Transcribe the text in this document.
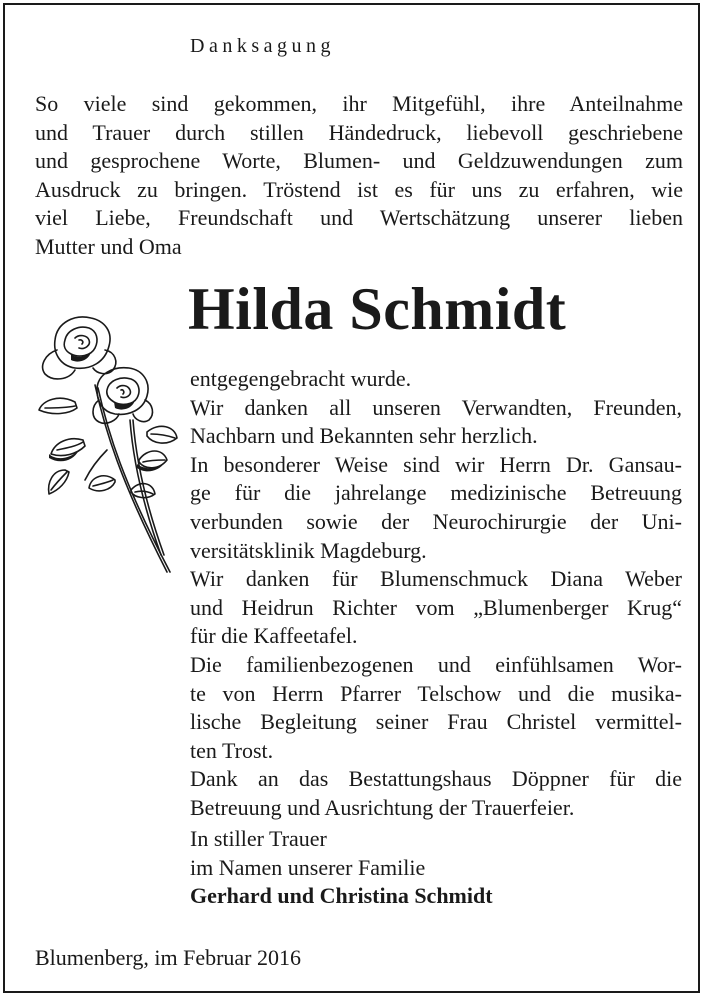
Danksagung

So viele sind gekommen, ihr Mitgefühl, ihre Anteilnahme
und Trauer durch stillen Händedruck, liebevoll geschriebene
und gesprochene Worte, Blumen- und Geldzuwendungen zum
Ausdruck zu bringen. Tröstend ist es für uns zu erfahren, wie
viel Liebe, Freundschaft und Wertschätzung unserer lieben
Mutter und Oma

Hilda Schmidt

entgegengebracht wurde.
Wir danken all unseren Verwandten, Freunden,
Nachbarn und Bekannten sehr herzlich.
In besonderer Weise sind wir Herrn Dr. Gansau-
ge für die jahrelange medizinische Betreuung
verbunden sowie der Neurochirurgie der Uni-
versitätsklinik Magdeburg.
Wir danken für Blumenschmuck Diana Weber
und Heidrun Richter vom „Blumenberger Krug“
für die Kaffeetafel.
Die familienbezogenen und einfühlsamen Wor-
te von Herrn Pfarrer Telschow und die musika-
lische Begleitung seiner Frau Christel vermittel-
ten Trost.
Dank an das Bestattungshaus Döppner für die
Betreuung und Ausrichtung der Trauerfeier.

In stiller Trauer
im Namen unserer Familie
Gerhard und Christina Schmidt

Blumenberg, im Februar 2016
